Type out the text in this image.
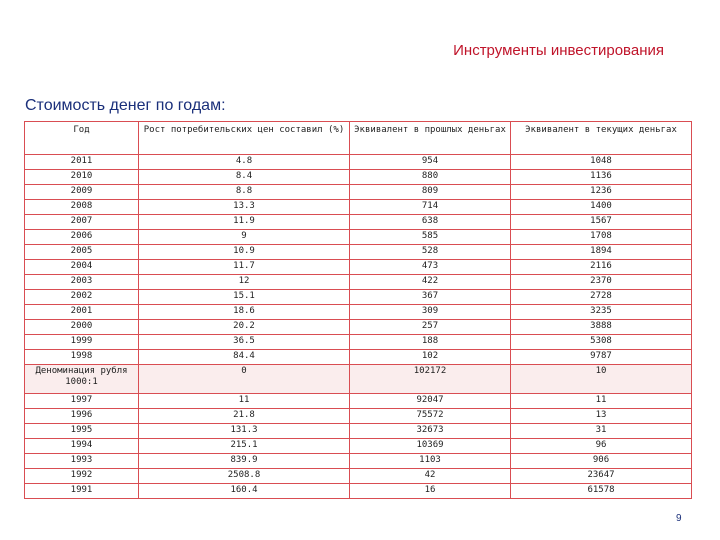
Инструменты инвестирования
Стоимость денег по годам:
Год	Рост потребительских цен составил (%)	Эквивалент в прошлых деньгах	Эквивалент в текущих деньгах
2011	4.8	954	1048
2010	8.4	880	1136
2009	8.8	809	1236
2008	13.3	714	1400
2007	11.9	638	1567
2006	9	585	1708
2005	10.9	528	1894
2004	11.7	473	2116
2003	12	422	2370
2002	15.1	367	2728
2001	18.6	309	3235
2000	20.2	257	3888
1999	36.5	188	5308
1998	84.4	102	9787
Деноминация рубля 1000:1	0	102172	10
1997	11	92047	11
1996	21.8	75572	13
1995	131.3	32673	31
1994	215.1	10369	96
1993	839.9	1103	906
1992	2508.8	42	23647
1991	160.4	16	61578
9
